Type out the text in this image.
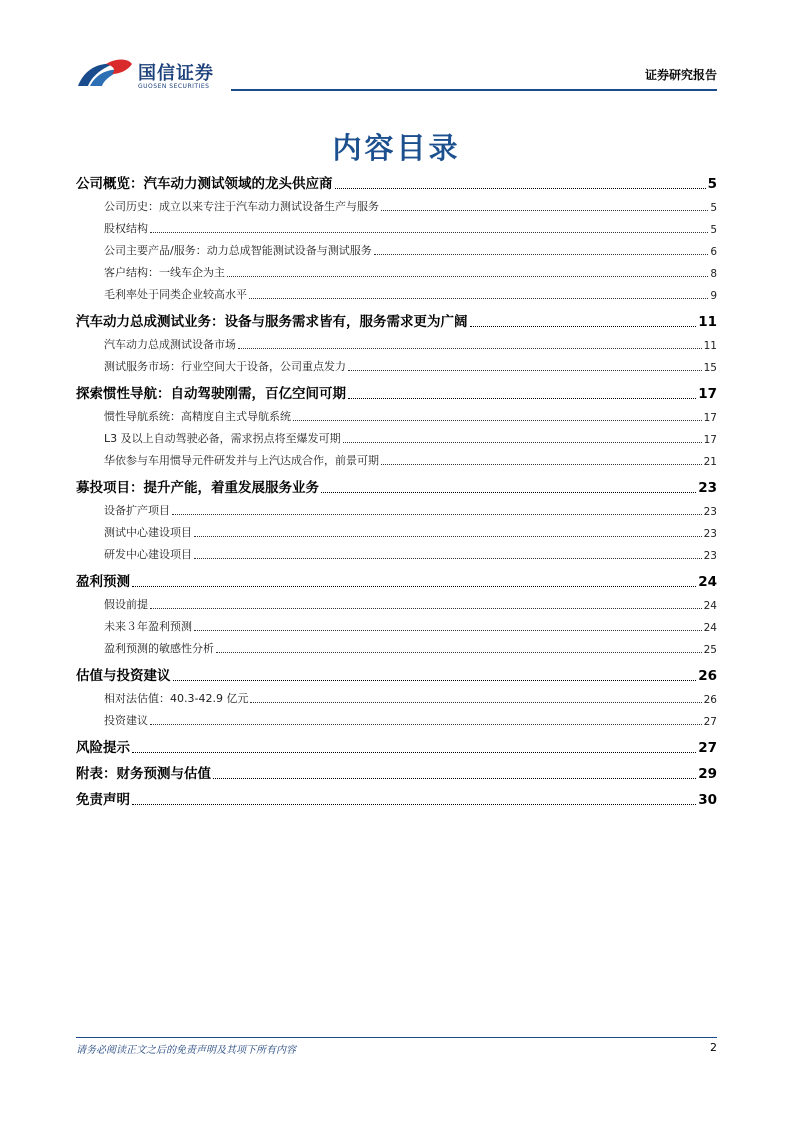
国信证券
GUOSEN SECURITIES
证券研究报告
内容目录
公司概览：汽车动力测试领域的龙头供应商	5
公司历史：成立以来专注于汽车动力测试设备生产与服务	5
股权结构	5
公司主要产品/服务：动力总成智能测试设备与测试服务	6
客户结构：一线车企为主	8
毛利率处于同类企业较高水平	9
汽车动力总成测试业务：设备与服务需求皆有，服务需求更为广阔	11
汽车动力总成测试设备市场	11
测试服务市场：行业空间大于设备，公司重点发力	15
探索惯性导航：自动驾驶刚需，百亿空间可期	17
惯性导航系统：高精度自主式导航系统	17
L3 及以上自动驾驶必备，需求拐点将至爆发可期	17
华依参与车用惯导元件研发并与上汽达成合作，前景可期	21
募投项目：提升产能，着重发展服务业务	23
设备扩产项目	23
测试中心建设项目	23
研发中心建设项目	23
盈利预测	24
假设前提	24
未来３年盈利预测	24
盈利预测的敏感性分析	25
估值与投资建议	26
相对法估值：40.3-42.9 亿元	26
投资建议	27
风险提示	27
附表：财务预测与估值	29
免责声明	30
请务必阅读正文之后的免责声明及其项下所有内容	2
